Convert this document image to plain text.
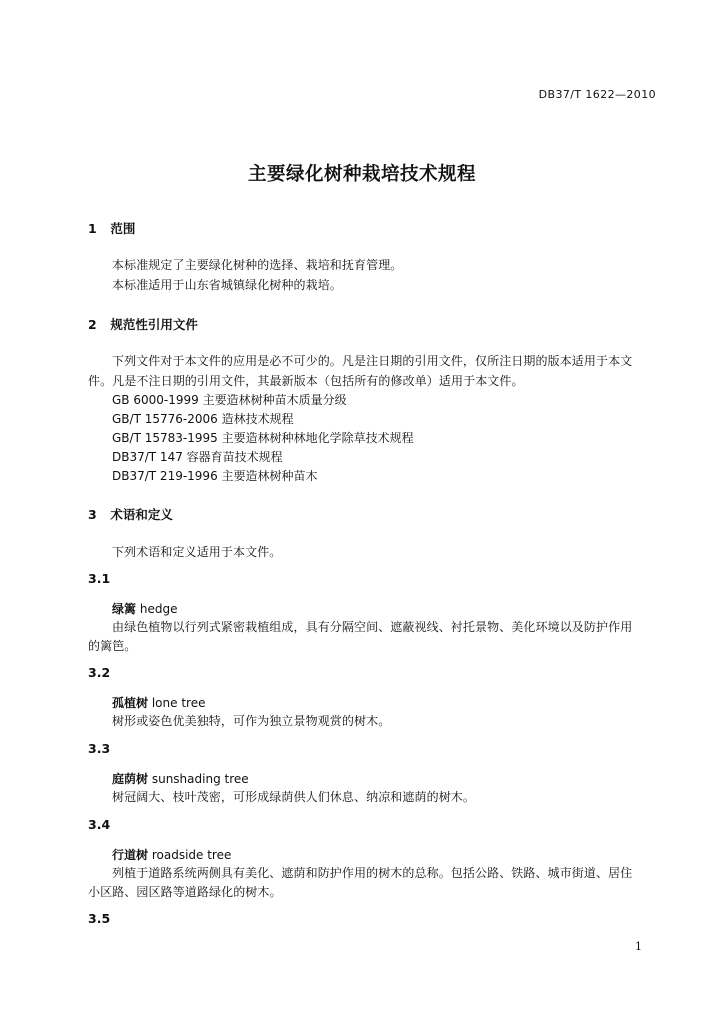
DB37/T 1622—2010
主要绿化树种栽培技术规程
1 范围
本标准规定了主要绿化树种的选择、栽培和抚育管理。
本标准适用于山东省城镇绿化树种的栽培。
2 规范性引用文件
下列文件对于本文件的应用是必不可少的。凡是注日期的引用文件，仅所注日期的版本适用于本文
件。凡是不注日期的引用文件，其最新版本（包括所有的修改单）适用于本文件。
GB 6000-1999 主要造林树种苗木质量分级
GB/T 15776-2006 造林技术规程
GB/T 15783-1995 主要造林树种林地化学除草技术规程
DB37/T 147 容器育苗技术规程
DB37/T 219-1996 主要造林树种苗木
3 术语和定义
下列术语和定义适用于本文件。
3.1
绿篱 hedge
由绿色植物以行列式紧密栽植组成，具有分隔空间、遮蔽视线、衬托景物、美化环境以及防护作用
的篱笆。
3.2
孤植树 lone tree
树形或姿色优美独特，可作为独立景物观赏的树木。
3.3
庭荫树 sunshading tree
树冠阔大、枝叶茂密，可形成绿荫供人们休息、纳凉和遮荫的树木。
3.4
行道树 roadside tree
列植于道路系统两侧具有美化、遮荫和防护作用的树木的总称。包括公路、铁路、城市街道、居住
小区路、园区路等道路绿化的树木。
3.5
1
